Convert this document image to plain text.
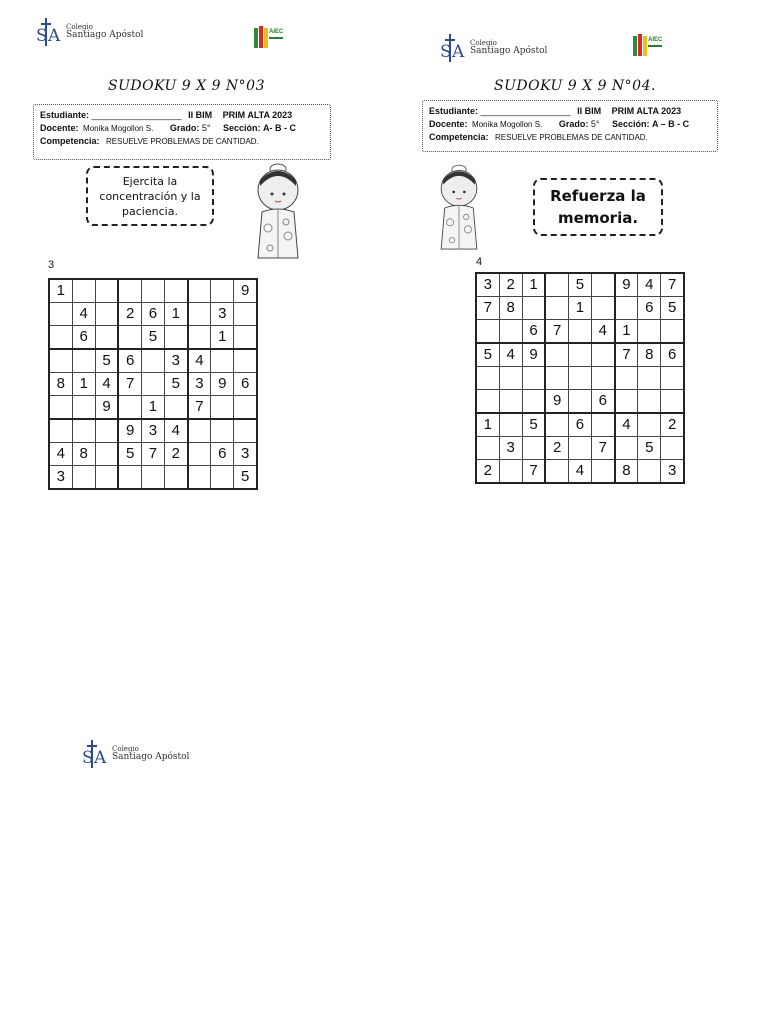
S A Colegio
Santiago Apóstol	AIEC
SUDOKU 9 X 9 N°03
Estudiante: __________________ II BIM PRIM ALTA 2023
Docente: Monika Mogollon S. Grado: 5° Sección: A- B - C
Competencia: RESUELVE PROBLEMAS DE CANTIDAD.
Ejercita la concentración y la paciencia.
3
1								9
	4		2	6	1		3	
	6			5			1	
		5	6		3	4		
8	1	4	7		5	3	9	6
		9		1		7		
			9	3	4			
4	8		5	7	2		6	3
3								5
S A Colegio
Santiago Apóstol
AIEC
SUDOKU 9 X 9 N°04.
Estudiante: __________________ II BIM PRIM ALTA 2023
Docente: Monika Mogollon S. Grado: 5° Sección: A – B - C
Competencia: RESUELVE PROBLEMAS DE CANTIDAD.
Refuerza la memoria.
4
3	2	1		5		9	4	7
7	8			1			6	5
		6	7		4	1		
5	4	9				7	8	6

			9		6			
1		5		6		4		2
	3		2		7		5	
2		7		4		8		3
S A Colegio
Santiago Apóstol
